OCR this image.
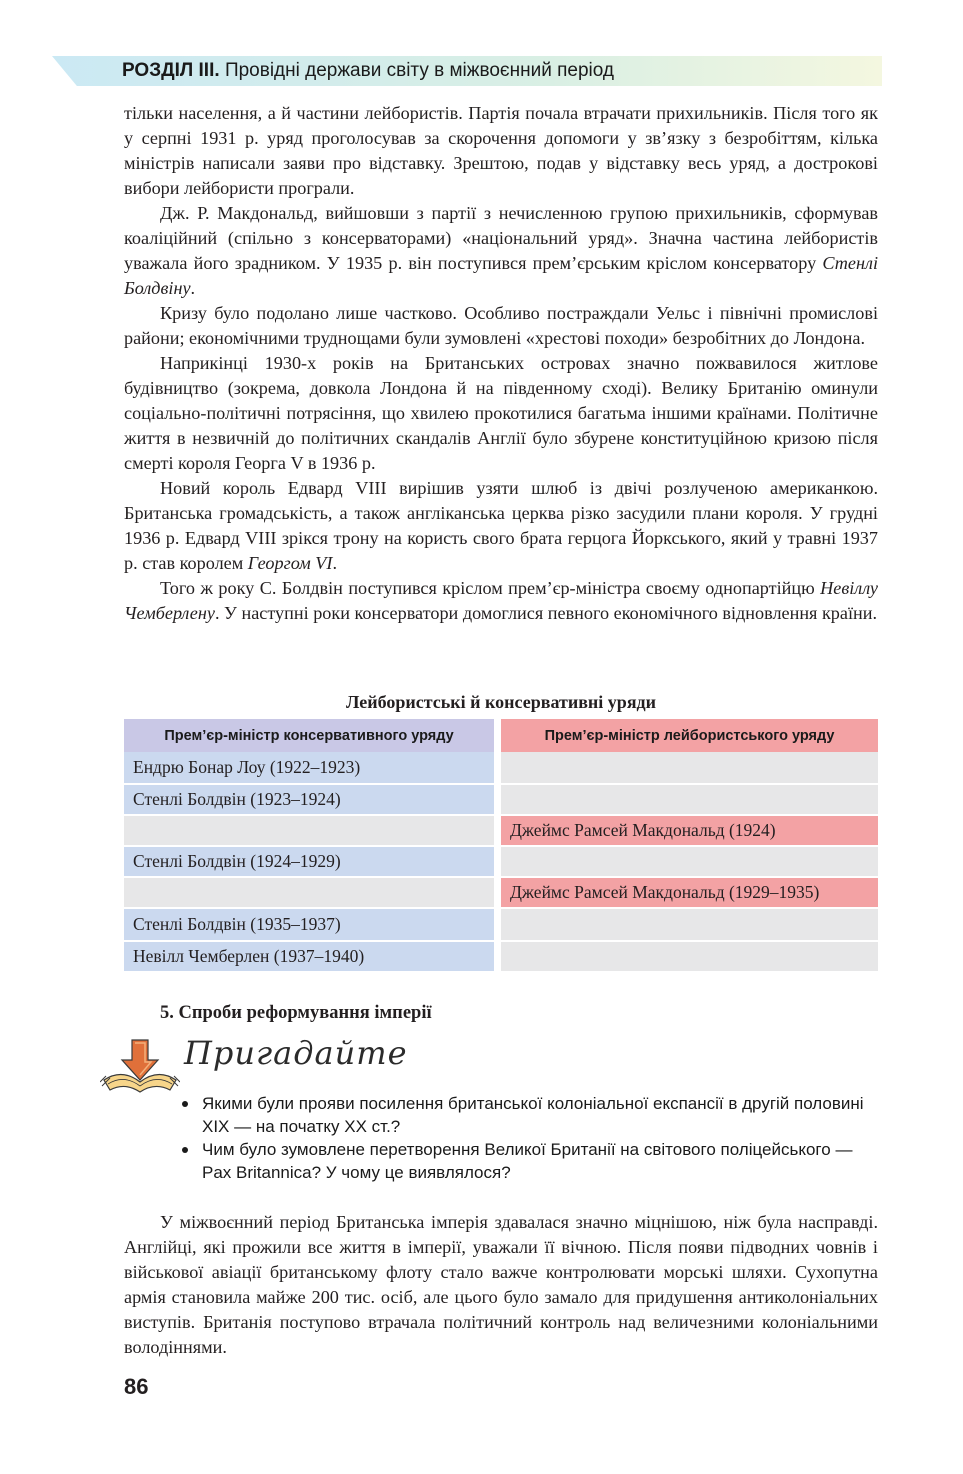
РОЗДІЛ ІІІ. Провідні держави світу в міжвоєнний період

тільки населення, а й частини лейбористів. Партія почала втрачати прихильників. Після того як у серпні 1931 р. уряд проголосував за скорочення допомоги у зв’язку з безробіттям, кілька міністрів написали заяви про відставку. Зрештою, подав у відставку весь уряд, а дострокові вибори лейбористи програли.

Дж. Р. Макдональд, вийшовши з партії з нечисленною групою прихильників, сформував коаліційний (спільно з консерваторами) «національний уряд». Значна частина лейбористів уважала його зрадником. У 1935 р. він поступився прем’єрським кріслом консерватору Стенлі Болдвіну.

Кризу було подолано лише частково. Особливо постраждали Уельс і північні промислові райони; економічними труднощами були зумовлені «хрестові походи» безробітних до Лондона.

Наприкінці 1930-х років на Британських островах значно пожвавилося житлове будівництво (зокрема, довкола Лондона й на південному сході). Велику Британію оминули соціально-політичні потрясіння, що хвилею прокотилися багатьма іншими країнами. Політичне життя в незвичній до політичних скандалів Англії було збурене конституційною кризою після смерті короля Георга V в 1936 р.

Новий король Едвард VIII вирішив узяти шлюб із двічі розлученою американкою. Британська громадськість, а також англіканська церква різко засудили плани короля. У грудні 1936 р. Едвард VIII зрікся трону на користь свого брата герцога Йоркського, який у травні 1937 р. став королем Георгом VI.

Того ж року С. Болдвін поступився кріслом прем’єр-міністра своєму однопартійцю Невіллу Чемберлену. У наступні роки консерватори домоглися певного економічного відновлення країни.

Лейбористські й консервативні уряди
Прем’єр-міністр консервативного уряду	Прем’єр-міністр лейбористського уряду
Ендрю Бонар Лоу (1922–1923)	
Стенлі Болдвін (1923–1924)	
	Джеймс Рамсей Макдональд (1924)
Стенлі Болдвін (1924–1929)	
	Джеймс Рамсей Макдональд (1929–1935)
Стенлі Болдвін (1935–1937)	
Невілл Чемберлен (1937–1940)	
5. Спроби реформування імперії
Пригадайте
Якими були прояви посилення британської колоніальної експансії в другій половині XIX — на початку XX ст.?
Чим було зумовлене перетворення Великої Британії на світового поліцейського — Pax Britannica? У чому це виявлялося?

У міжвоєнний період Британська імперія здавалася значно міцнішою, ніж була насправді. Англійці, які прожили все життя в імперії, уважали її вічною. Після появи підводних човнів і військової авіації британському флоту стало важче контролювати морські шляхи. Сухопутна армія становила майже 200 тис. осіб, але цього було замало для придушення антиколоніальних виступів. Британія поступово втрачала політичний контроль над величезними колоніальними володіннями.

86
